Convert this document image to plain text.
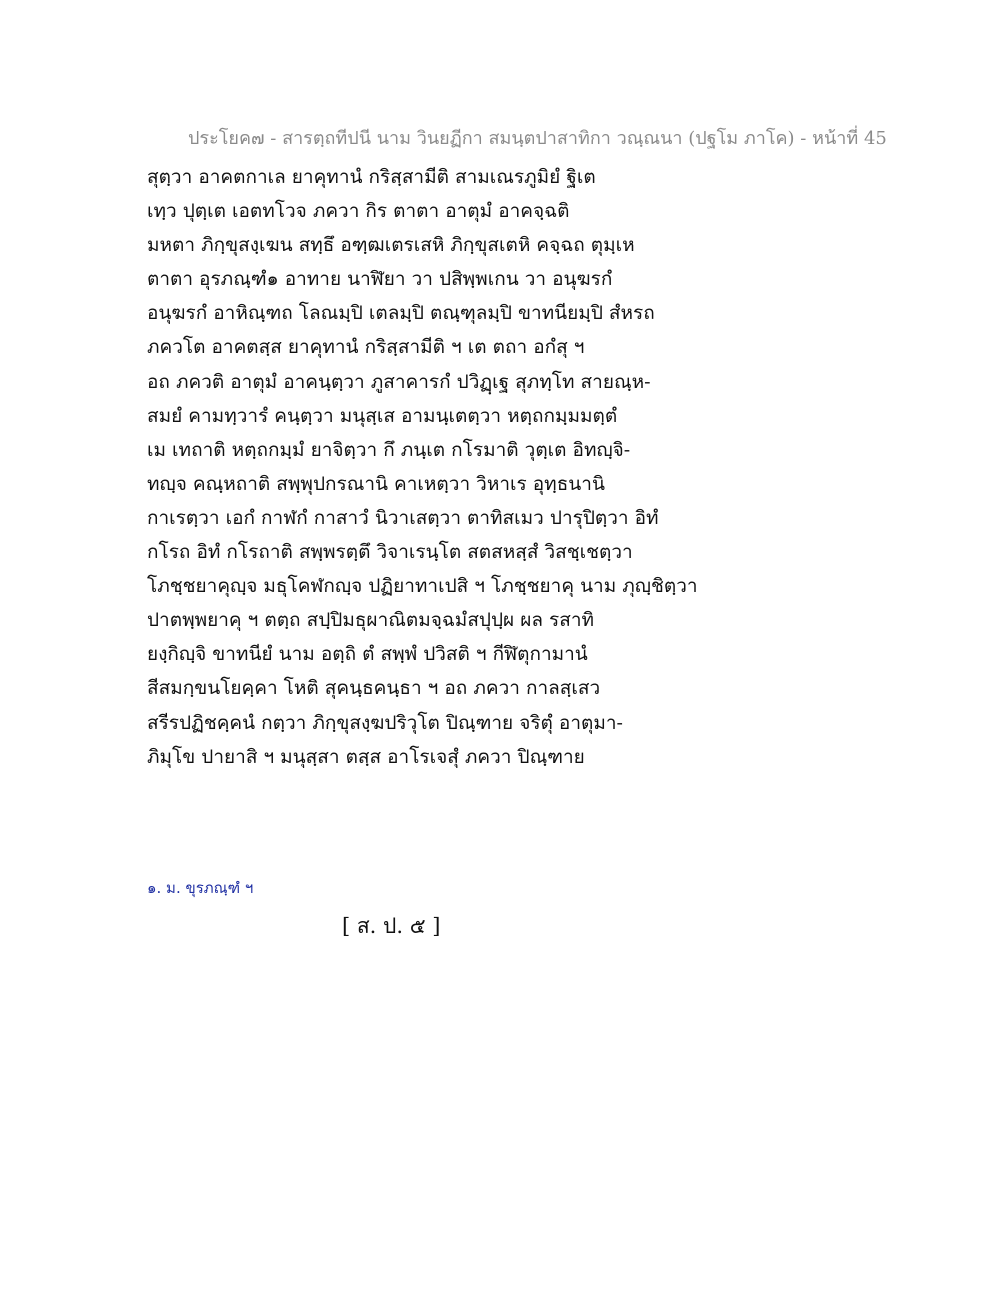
ประโยค๗ - สารตฺถทีปนี นาม วินยฏีกา สมนฺตปาสาทิกา วณฺณนา (ปฐโม ภาโค) - หน้าที่ 45
สุตฺวา อาคตกาเล ยาคุทานํ กริสฺสามีติ สามเณรภูมิยํ ฐิเต
เทฺว ปุตฺเต เอตทโวจ ภควา กิร ตาตา อาตุมํ อาคจฺฉติ
มหตา ภิกฺขุสงฺเฆน สทฺธึ อฑฺฒเตรเสหิ ภิกฺขุสเตหิ คจฺฉถ ตุมฺเห
ตาตา อุรภณฺฑํ๑ อาทาย นาฬิยา วา ปสิพฺพเกน วา อนุฆรกํ
อนุฆรกํ อาหิณฺฑถ โลณมฺปิ เตลมฺปิ ตณฺฑุลมฺปิ ขาทนียมฺปิ สํหรถ
ภควโต อาคตสฺส ยาคุทานํ กริสฺสามีติ ฯ เต ตถา อกํสุ ฯ
อถ ภควติ อาตุมํ อาคนฺตฺวา ภูสาคารกํ ปวิฏฺเฐ สุภทฺโท สายณฺห-
สมยํ คามทฺวารํ คนฺตฺวา มนุสฺเส อามนฺเตตฺวา หตฺถกมฺมมตฺตํ
เม เทถาติ หตฺถกมฺมํ ยาจิตฺวา กึ ภนฺเต กโรมาติ วุตฺเต อิทญฺจิ-
ทญฺจ คณฺหถาติ สพฺพุปกรณานิ คาเหตฺวา วิหาเร อุทฺธนานิ
กาเรตฺวา เอกํ กาฬกํ กาสาวํ นิวาเสตฺวา ตาทิสเมว ปารุปิตฺวา อิทํ
กโรถ อิทํ กโรถาติ สพฺพรตฺตึ วิจาเรนฺโต สตสหสฺสํ วิสชฺเชตฺวา
โภชฺชยาคุญฺจ มธุโคฬกญฺจ ปฏิยาทาเปสิ ฯ โภชฺชยาคุ นาม ภุญฺชิตฺวา
ปาตพฺพยาคุ ฯ ตตฺถ สปฺปิมธุผาณิตมจฺฉมํสปุปฺผ ผล รสาทิ
ยงฺกิญฺจิ ขาทนียํ นาม อตฺถิ ตํ สพฺพํ ปวิสติ ฯ กีฬิตุกามานํ
สีสมกฺขนโยคฺคา โหติ สุคนฺธคนฺธา ฯ อถ ภควา กาลสฺเสว
สรีรปฏิชคฺคนํ กตฺวา ภิกฺขุสงฺฆปริวุโต ปิณฺฑาย จริตุํ อาตุมา-
ภิมุโข ปายาสิ ฯ มนุสฺสา ตสฺส อาโรเจสุํ ภควา ปิณฺฑาย
๑. ม. ขุรภณฺฑํ ฯ
[ ส. ป. ๕ ]
